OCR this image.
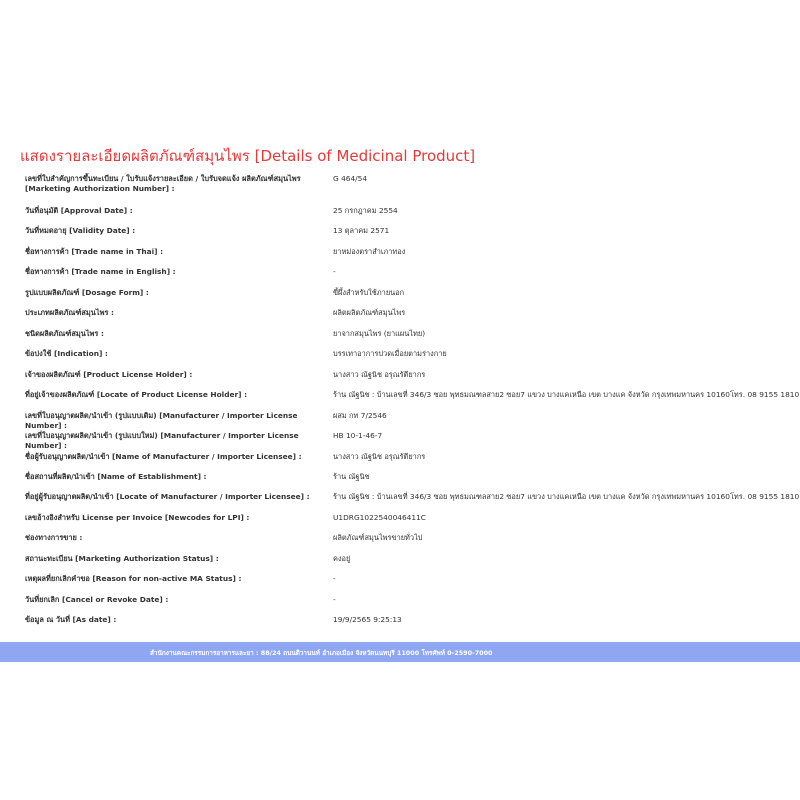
แสดงรายละเอียดผลิตภัณฑ์สมุนไพร [Details of Medicinal Product]
เลขที่ใบสำคัญการขึ้นทะเบียน / ใบรับแจ้งรายละเอียด / ใบรับจดแจ้ง ผลิตภัณฑ์สมุนไพร [Marketing Authorization Number] :
G 464/54
วันที่อนุมัติ [Approval Date] :	25 กรกฎาคม 2554
วันที่หมดอายุ [Validity Date] :	13 ตุลาคม 2571
ชื่อทางการค้า [Trade name in Thai] :	ยาหม่องตราสำเภาทอง
ชื่อทางการค้า [Trade name in English] :	-
รูปแบบผลิตภัณฑ์ [Dosage Form] :	ขี้ผึ้งสำหรับใช้ภายนอก
ประเภทผลิตภัณฑ์สมุนไพร :	ผลิตผลิตภัณฑ์สมุนไพร
ชนิดผลิตภัณฑ์สมุนไพร :	ยาจากสมุนไพร (ยาแผนไทย)
ข้อบ่งใช้ [Indication] :	บรรเทาอาการปวดเมื่อยตามร่างกาย
เจ้าของผลิตภัณฑ์ [Product License Holder] :	นางสาว ณัฐนิช อรุณรัตียากร
ที่อยู่เจ้าของผลิตภัณฑ์ [Locate of Product License Holder] :	ร้าน ณัฐนิช : บ้านเลขที่ 346/3 ซอย พุทธมณฑลสาย2 ซอย7 แขวง บางแคเหนือ เขต บางแค จังหวัด กรุงเทพมหานคร 10160โทร. 08 9155 1810
เลขที่ใบอนุญาตผลิต/นำเข้า (รูปแบบเดิม) [Manufacturer / Importer License Number] :
ผสม กท 7/2546
เลขที่ใบอนุญาตผลิต/นำเข้า (รูปแบบใหม่) [Manufacturer / Importer License Number] :
HB 10-1-46-7
ชื่อผู้รับอนุญาตผลิต/นำเข้า [Name of Manufacturer / Importer Licensee] :	นางสาว ณัฐนิช อรุณรัตียากร
ชื่อสถานที่ผลิต/นำเข้า [Name of Establishment] :	ร้าน ณัฐนิช
ที่อยู่ผู้รับอนุญาตผลิต/นำเข้า [Locate of Manufacturer / Importer Licensee] :	ร้าน ณัฐนิช : บ้านเลขที่ 346/3 ซอย พุทธมณฑลสาย2 ซอย7 แขวง บางแคเหนือ เขต บางแค จังหวัด กรุงเทพมหานคร 10160โทร. 08 9155 1810
เลขอ้างอิงสำหรับ License per Invoice [Newcodes for LPI] :	U1DRG1022540046411C
ช่องทางการขาย :	ผลิตภัณฑ์สมุนไพรขายทั่วไป
สถานะทะเบียน [Marketing Authorization Status] :	คงอยู่
เหตุผลที่ยกเลิกคำขอ [Reason for non-active MA Status] :	-
วันที่ยกเลิก [Cancel or Revoke Date] :	-
ข้อมูล ณ วันที่ [As date] :	19/9/2565 9:25:13
สำนักงานคณะกรรมการอาหารและยา : 88/24 ถนนติวานนท์ อำเภอเมือง จังหวัดนนทบุรี 11000 โทรศัพท์ 0-2590-7000
